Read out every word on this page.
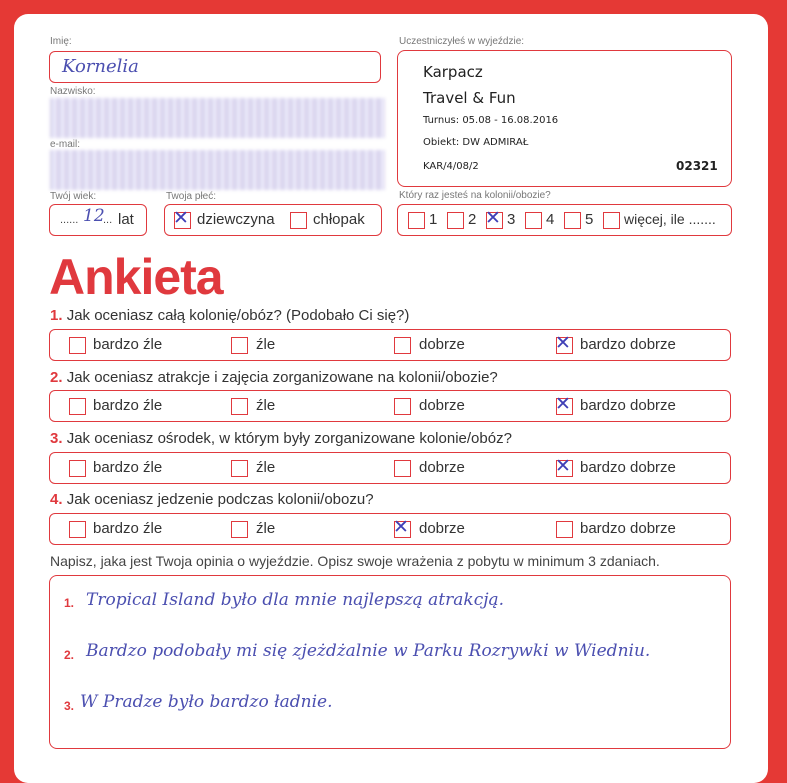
Imię:
Kornelia
Nazwisko:
e-mail:
Twój wiek:
...... 12
... lat
Twoja płeć:
✕ dziewczyna	chłopak
Uczestniczyłeś w wyjeździe:
Karpacz
Travel & Fun
Turnus: 05.08 - 16.08.2016
Obiekt: DW ADMIRAŁ
KAR/4/08/2	02321
Który raz jesteś na kolonii/obozie?
1 2 ✕ 3 4 5 więcej, ile .......
Ankieta
1. Jak oceniasz całą kolonię/obóz? (Podobało Ci się?)
bardzo źle	źle	dobrze	✕ bardzo dobrze
2. Jak oceniasz atrakcje i zajęcia zorganizowane na kolonii/obozie?
bardzo źle	źle	dobrze	✕ bardzo dobrze
3. Jak oceniasz ośrodek, w którym były zorganizowane kolonie/obóz?
bardzo źle	źle	dobrze	✕ bardzo dobrze
4. Jak oceniasz jedzenie podczas kolonii/obozu?
bardzo źle	źle	✕ dobrze	bardzo dobrze
Napisz, jaka jest Twoja opinia o wyjeździe. Opisz swoje wrażenia z pobytu w minimum 3 zdaniach.
1. Tropical Island było dla mnie najlepszą atrakcją.
2. Bardzo podobały mi się zjeżdżalnie w Parku Rozrywki w Wiedniu.
3. W Pradze było bardzo ładnie.
